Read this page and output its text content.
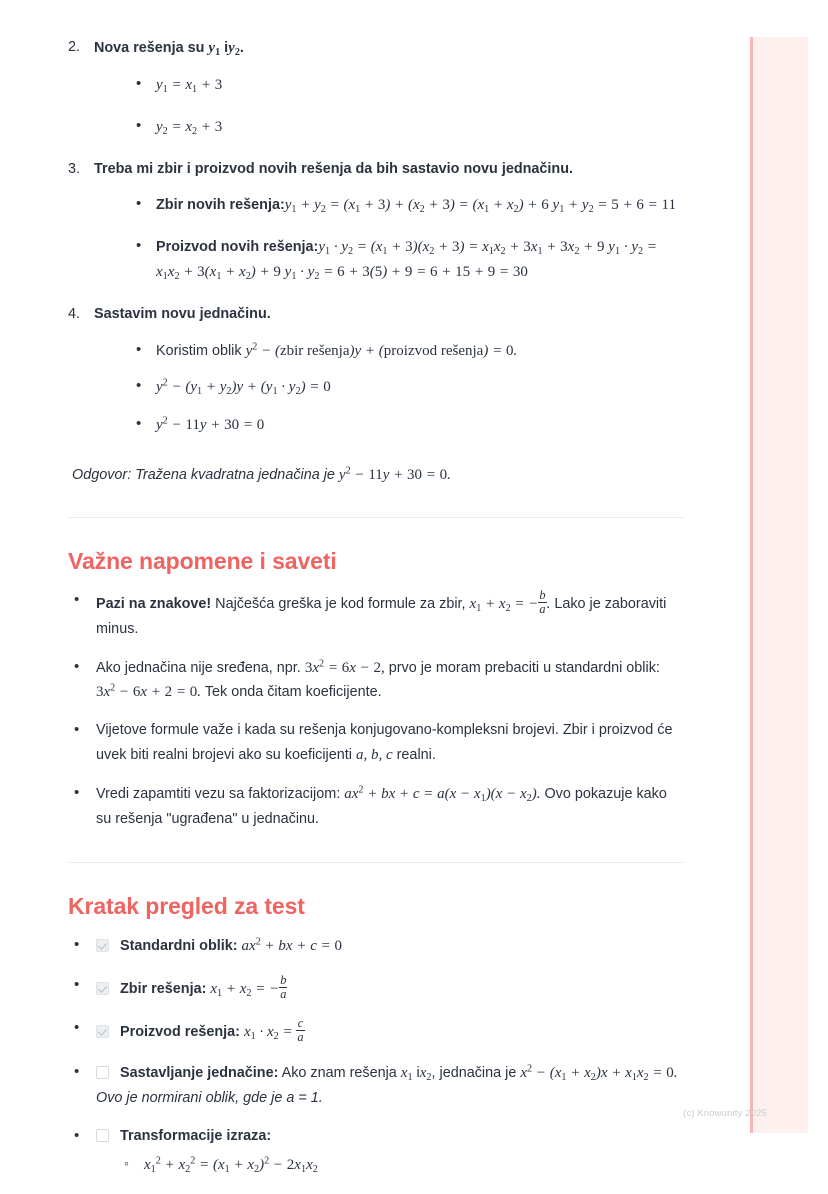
2. Nova rešenja su $y_1$ $iy_2$.
• $y_1 = x_1 + 3$
• $y_2 = x_2 + 3$
3. Treba mi zbir i proizvod novih rešenja da bih sastavio novu jednačinu.
• Zbir novih $rešenja:y_1 + y_2 = (x_1 + 3) + (x_2 + 3) = (x_1 + x_2) + 6$ $y_1 + y_2 = 5 + 6 = 11$
• Proizvod novih $rešenja:y_1 \cdot y_2 = (x_1 + 3)(x_2 + 3) = x_1x_2 + 3x_1 + 3x_2 + 9$ $y_1 \cdot y_2 = x_1x_2 + 3(x_1 + x_2) + 9$ $y_1 \cdot y_2 = 6 + 3(5) + 9 = 6 + 15 + 9 = 30$
4. Sastavim novu jednačinu.
• Koristim oblik $y^2$ − (zbir rešenja)y + (proizvod rešenja) = 0.
• $y^2 - (y_1 + y_2)y + (y_1 \cdot y_2) = 0$
• $y^2 - 11y + 30 = 0$

Odgovor: Tražena kvadratna jednačina je $y^2 - 11y + 30 = 0$.

Važne napomene i saveti
• Pazi na znakove! Najčešća greška je kod formule za zbir, $x_1 + x_2$ = − $\frac{b}{a}$ . Lako je zaboraviti minus.
• Ako jednačina nije sređena, npr. $3x^2 = 6x - 2$, prvo je moram prebaciti u standardni oblik: $3x^2 - 6x + 2 = 0$. Tek onda čitam koeficijente.
• Vijetove formule važe i kada su rešenja konjugovano-kompleksni brojevi. Zbir i proizvod će uvek biti realni brojevi ako su koeficijenti a, b, c realni.
• Vredi zapamtiti vezu sa faktorizacijom: $ax^2$ + bx + $c = a(x - x_1)(x - x_2)$. Ovo pokazuje kako su rešenja "ugrađena" u jednačinu.
Kratak pregled za test
• Standardni oblik: $ax^2$ + bx + c = 0
• Zbir rešenja: $x_1 + x_2$ = − $\frac{b}{a}$
• Proizvod rešenja: $x_1 \cdot x_2 = \frac{c}{a}$
• Sastavljanje jednačine: Ako znam rešenja $x_1$ $ix_2$, jednačina je $x^2 - (x_1 + x_2)x + x_1x_2 = 0$. Ovo je normirani oblik, gde je a = 1.
• Transformacije izraza:
◦ $x_1^2 + x_2^2 = (x_1 + x_2)^2 - 2x_1x_2$
(c) Knowunity 2025
